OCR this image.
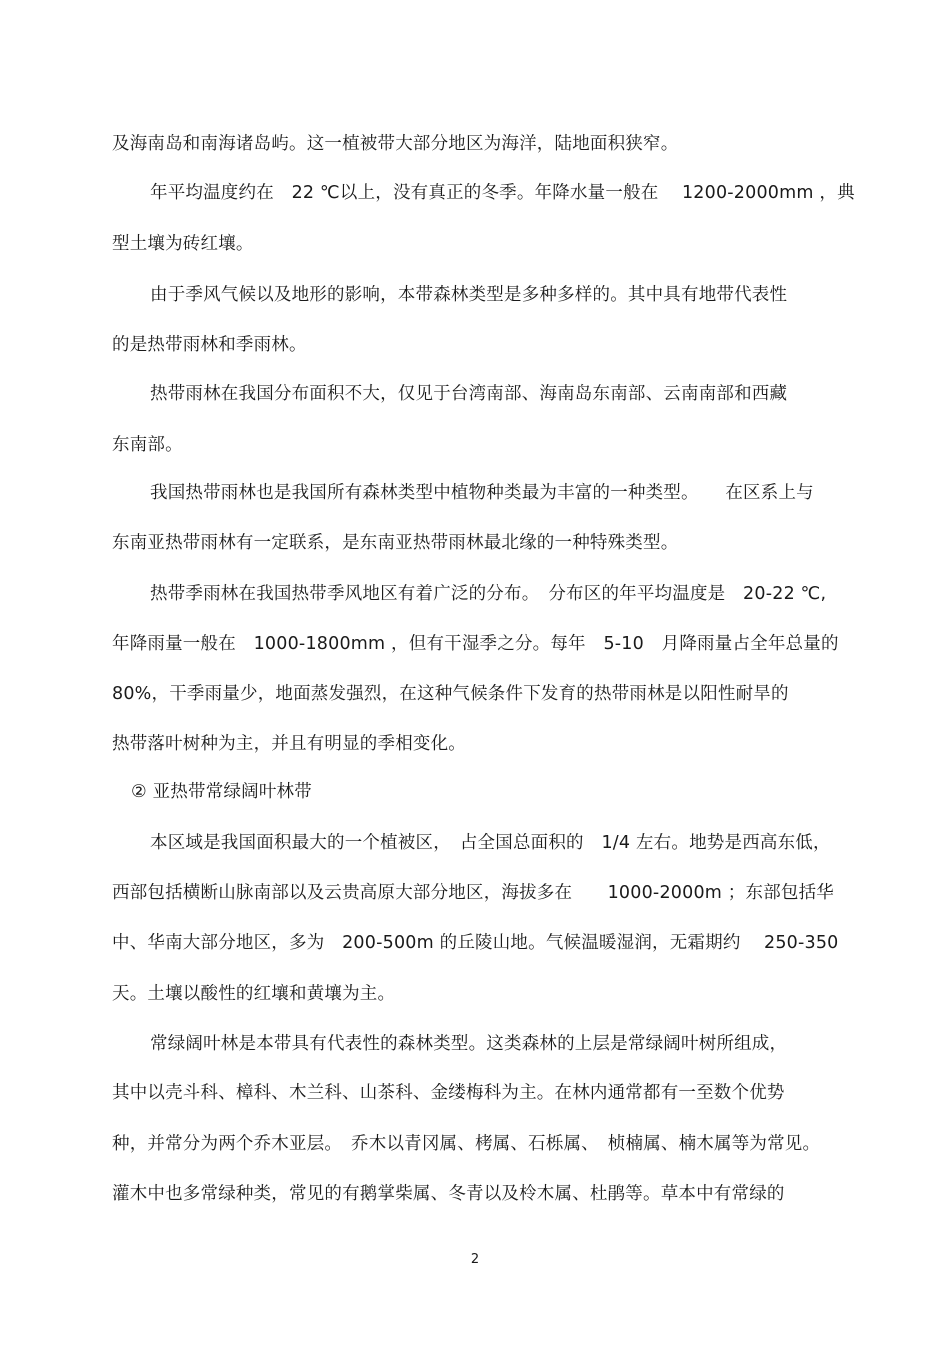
及海南岛和南海诸岛屿。这一植被带大部分地区为海洋，陆地面积狭窄。
年平均温度约在　22 ℃以上，没有真正的冬季。年降水量一般在　 1200-2000mm ，典
型土壤为砖红壤。
由于季风气候以及地形的影响，本带森林类型是多种多样的。其中具有地带代表性
的是热带雨林和季雨林。
热带雨林在我国分布面积不大，仅见于台湾南部、海南岛东南部、云南南部和西藏
东南部。
我国热带雨林也是我国所有森林类型中植物种类最为丰富的一种类型。　　在区系上与
东南亚热带雨林有一定联系，是东南亚热带雨林最北缘的一种特殊类型。
热带季雨林在我国热带季风地区有着广泛的分布。　分布区的年平均温度是　20-22 ℃,
年降雨量一般在　1000-1800mm ，但有干湿季之分。每年　5-10　月降雨量占全年总量的
80%，干季雨量少，地面蒸发强烈，在这种气候条件下发育的热带雨林是以阳性耐旱的
热带落叶树种为主，并且有明显的季相变化。
② 亚热带常绿阔叶林带
本区域是我国面积最大的一个植被区，　占全国总面积的　1/4 左右。地势是西高东低，
西部包括横断山脉南部以及云贵高原大部分地区，海拔多在　　1000-2000m ；东部包括华
中、华南大部分地区，多为　200-500m 的丘陵山地。气候温暖湿润，无霜期约　 250-350
天。土壤以酸性的红壤和黄壤为主。
常绿阔叶林是本带具有代表性的森林类型。这类森林的上层是常绿阔叶树所组成，
其中以壳斗科、樟科、木兰科、山茶科、金缕梅科为主。在林内通常都有一至数个优势
种，并常分为两个乔木亚层。　乔木以青冈属、栲属、石栎属、　桢楠属、楠木属等为常见。
灌木中也多常绿种类，常见的有鹅掌柴属、冬青以及柃木属、杜鹃等。草本中有常绿的
2
